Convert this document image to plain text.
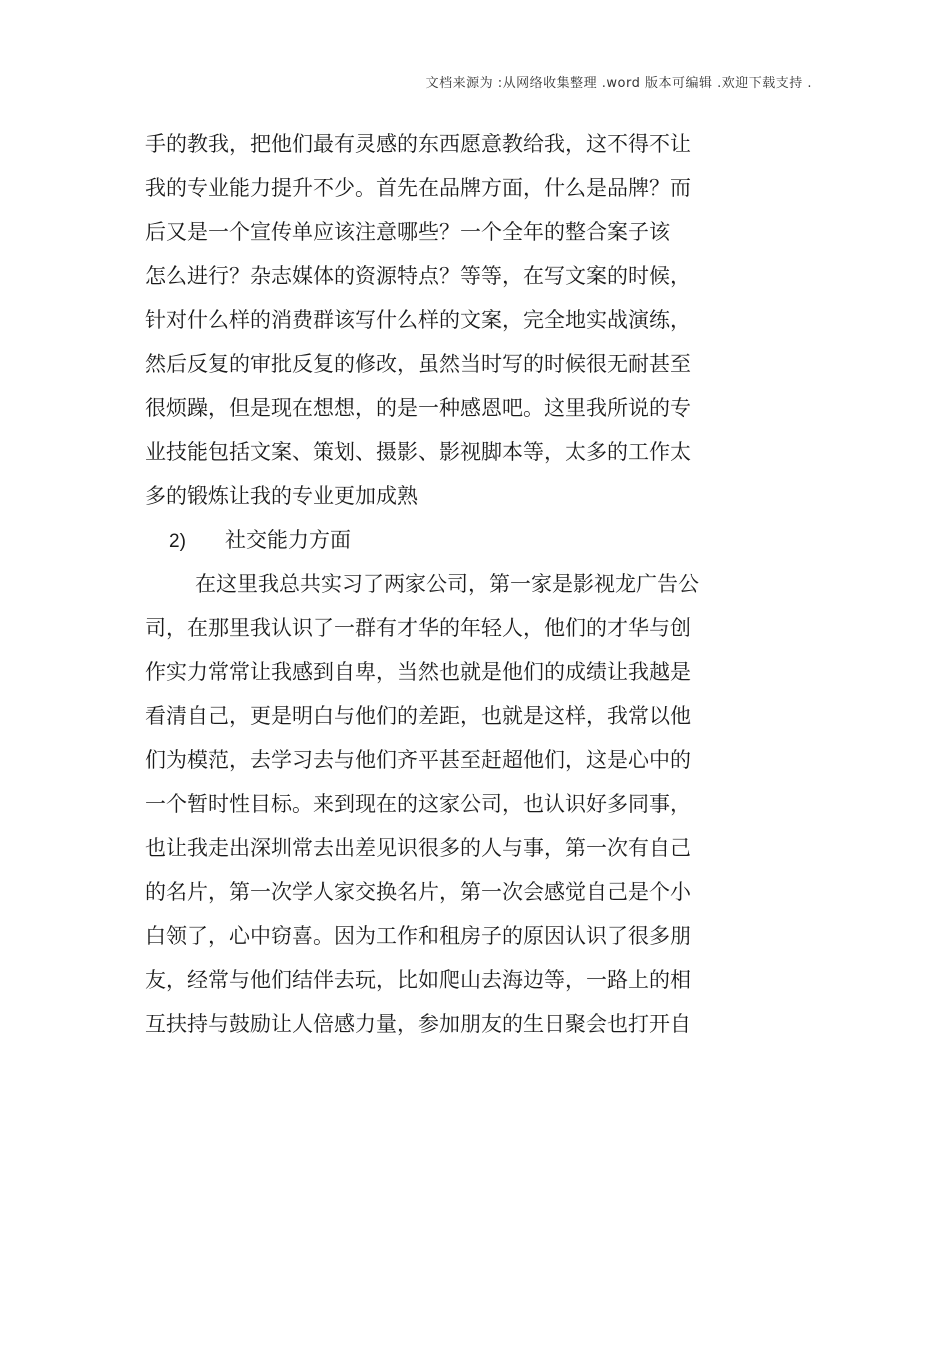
文档来源为 :从网络收集整理 .word 版本可编辑 .欢迎下载支持 .
手的教我，把他们最有灵感的东西愿意教给我，这不得不让
我的专业能力提升不少。首先在品牌方面，什么是品牌？而
后又是一个宣传单应该注意哪些？一个全年的整合案子该
怎么进行？杂志媒体的资源特点？等等，在写文案的时候，
针对什么样的消费群该写什么样的文案，完全地实战演练，
然后反复的审批反复的修改，虽然当时写的时候很无耐甚至
很烦躁，但是现在想想，的是一种感恩吧。这里我所说的专
业技能包括文案、策划、摄影、影视脚本等，太多的工作太
多的锻炼让我的专业更加成熟
2) 社交能力方面
在这里我总共实习了两家公司，第一家是影视龙广告公
司，在那里我认识了一群有才华的年轻人，他们的才华与创
作实力常常让我感到自卑，当然也就是他们的成绩让我越是
看清自己，更是明白与他们的差距，也就是这样，我常以他
们为模范，去学习去与他们齐平甚至赶超他们，这是心中的
一个暂时性目标。来到现在的这家公司，也认识好多同事，
也让我走出深圳常去出差见识很多的人与事，第一次有自己
的名片，第一次学人家交换名片，第一次会感觉自己是个小
白领了，心中窃喜。因为工作和租房子的原因认识了很多朋
友，经常与他们结伴去玩，比如爬山去海边等，一路上的相
互扶持与鼓励让人倍感力量，参加朋友的生日聚会也打开自
